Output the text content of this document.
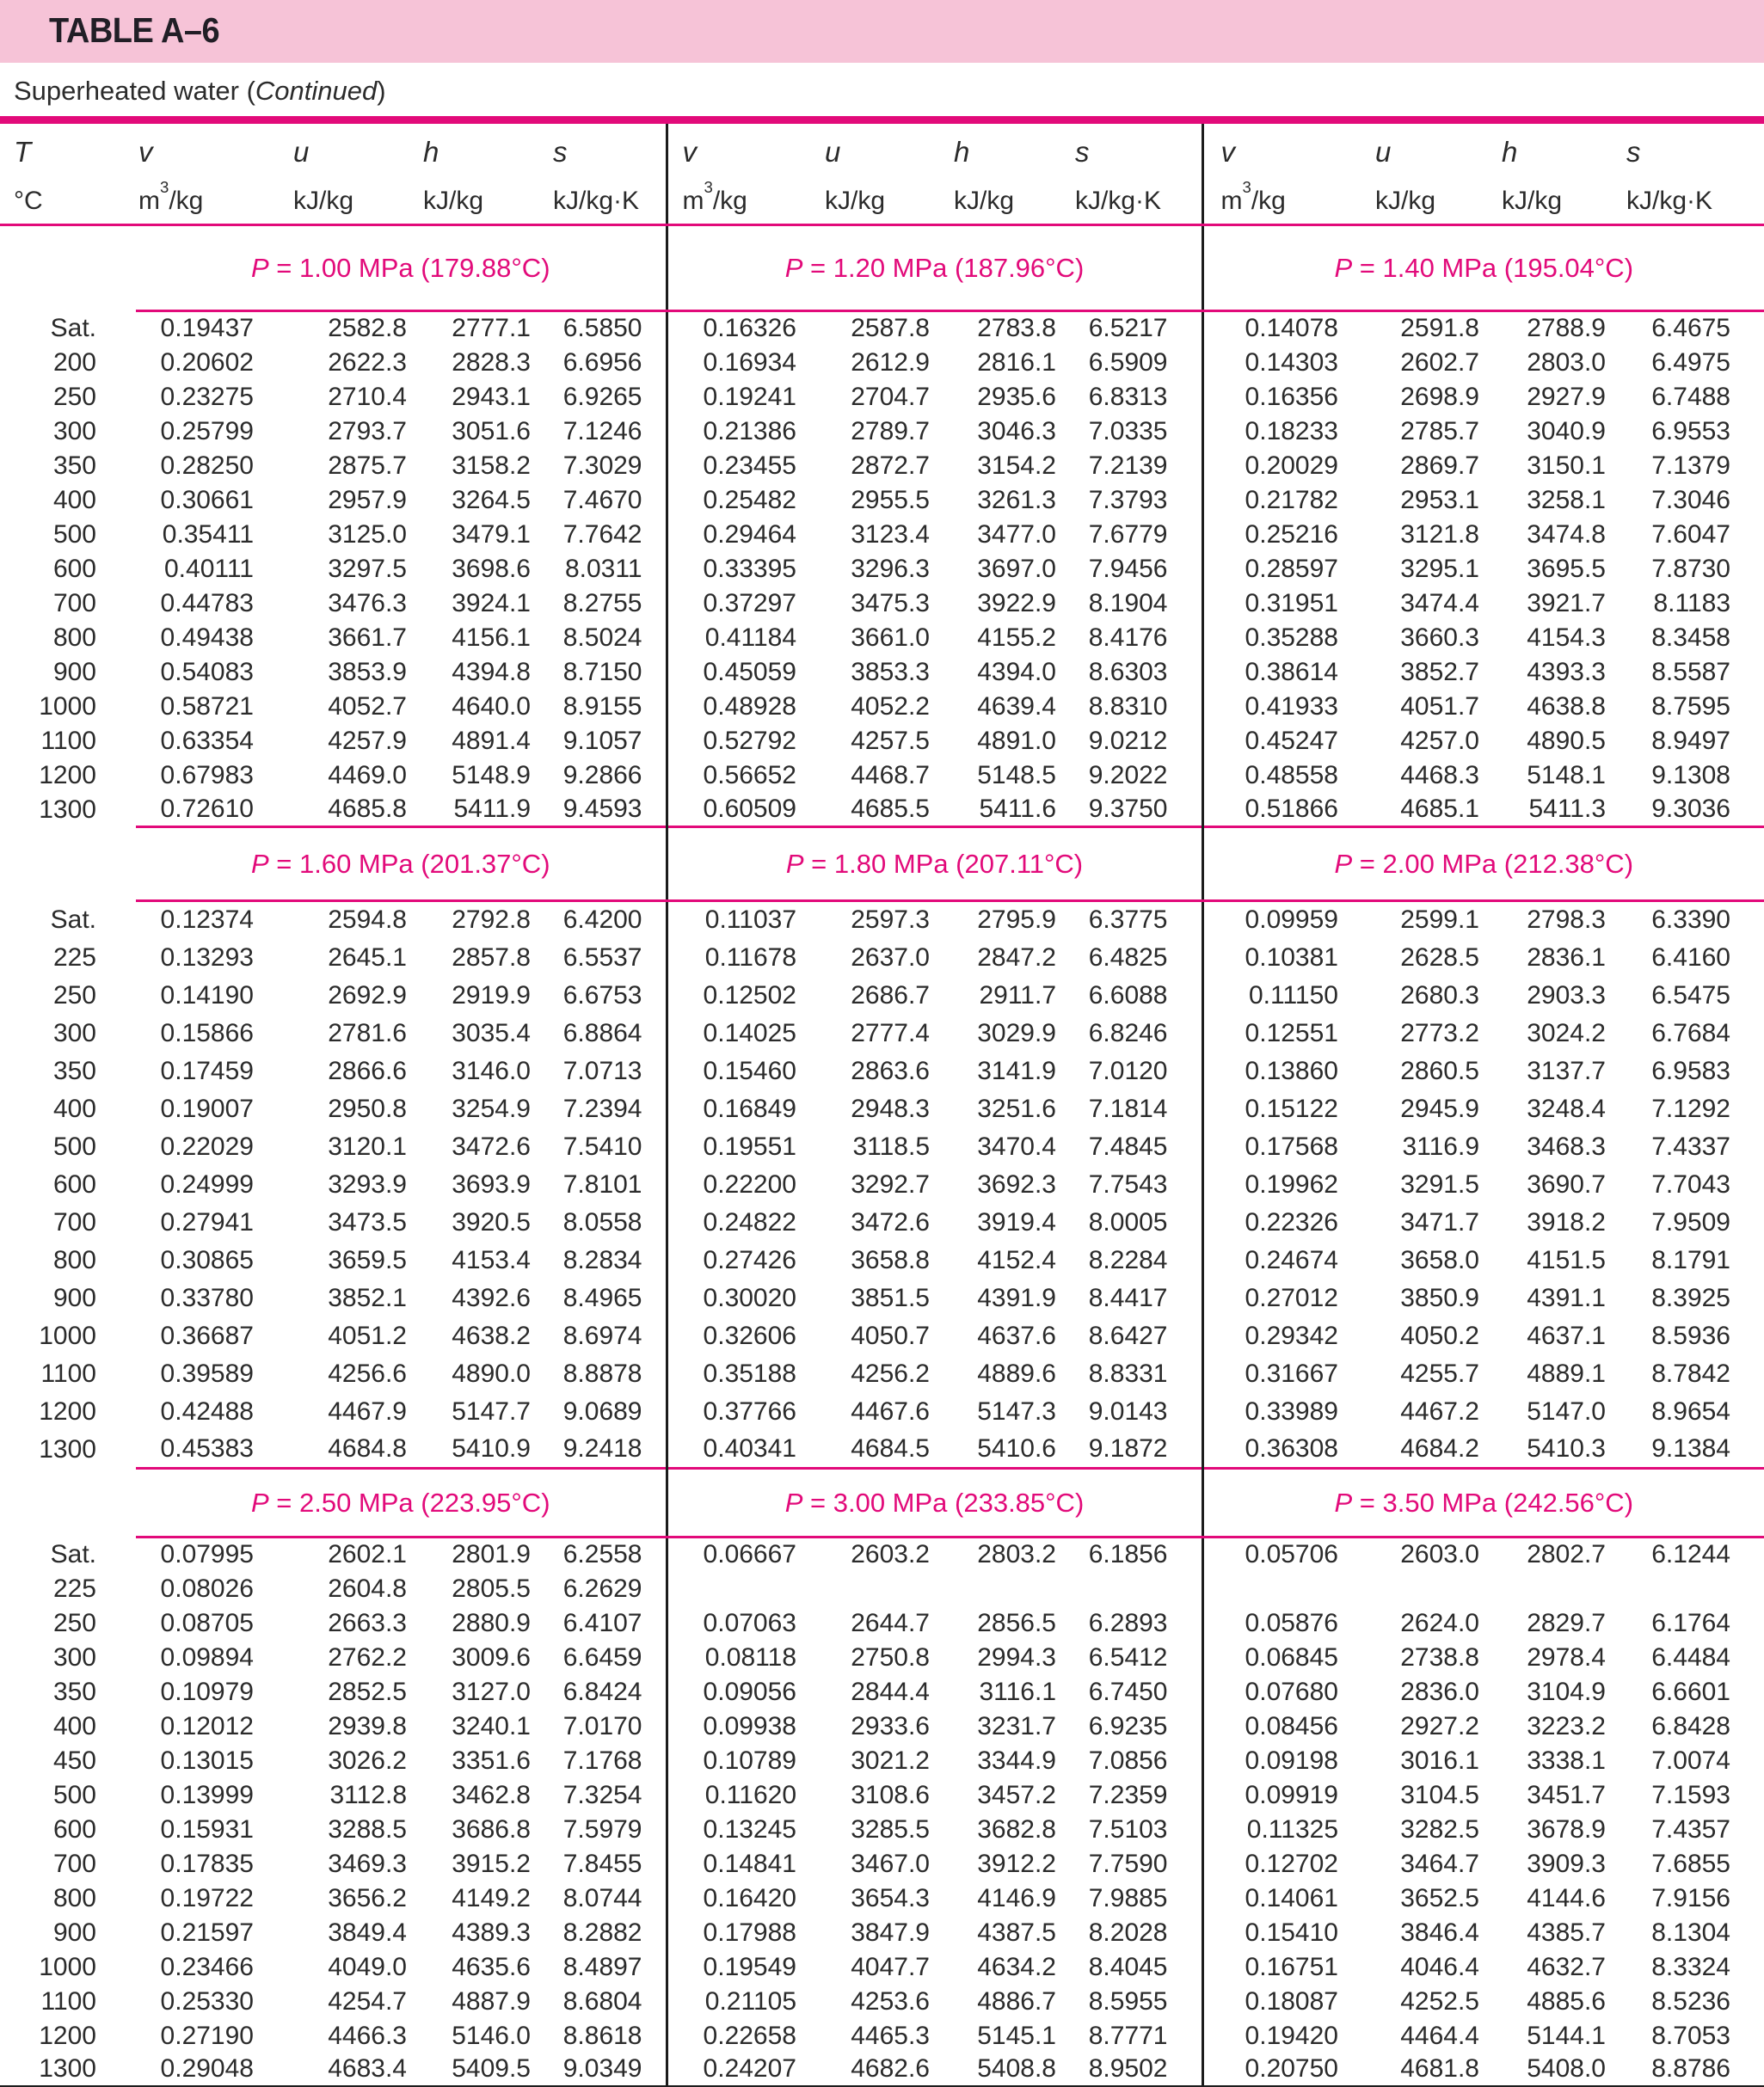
TABLE A–6
Superheated water (Continued)
T	v	u	h	s	v	u	h	s	v	u	h	s
°C	$m^3/kg$	kJ/kg	kJ/kg	kJ/kg·K	$m^3/kg$	kJ/kg	kJ/kg	kJ/kg·K	$m^3/kg$	kJ/kg	kJ/kg	kJ/kg·K
	P = 1.00 MPa (179.88°C)				P = 1.20 MPa (187.96°C)				P = 1.40 MPa (195.04°C)			
Sat.	0.19437	2582.8	2777.1	6.5850	0.16326	2587.8	2783.8	6.5217	0.14078	2591.8	2788.9	6.4675
200	0.20602	2622.3	2828.3	6.6956	0.16934	2612.9	2816.1	6.5909	0.14303	2602.7	2803.0	6.4975
250	0.23275	2710.4	2943.1	6.9265	0.19241	2704.7	2935.6	6.8313	0.16356	2698.9	2927.9	6.7488
300	0.25799	2793.7	3051.6	7.1246	0.21386	2789.7	3046.3	7.0335	0.18233	2785.7	3040.9	6.9553
350	0.28250	2875.7	3158.2	7.3029	0.23455	2872.7	3154.2	7.2139	0.20029	2869.7	3150.1	7.1379
400	0.30661	2957.9	3264.5	7.4670	0.25482	2955.5	3261.3	7.3793	0.21782	2953.1	3258.1	7.3046
500	0.35411	3125.0	3479.1	7.7642	0.29464	3123.4	3477.0	7.6779	0.25216	3121.8	3474.8	7.6047
600	0.40111	3297.5	3698.6	8.0311	0.33395	3296.3	3697.0	7.9456	0.28597	3295.1	3695.5	7.8730
700	0.44783	3476.3	3924.1	8.2755	0.37297	3475.3	3922.9	8.1904	0.31951	3474.4	3921.7	8.1183
800	0.49438	3661.7	4156.1	8.5024	0.41184	3661.0	4155.2	8.4176	0.35288	3660.3	4154.3	8.3458
900	0.54083	3853.9	4394.8	8.7150	0.45059	3853.3	4394.0	8.6303	0.38614	3852.7	4393.3	8.5587
1000	0.58721	4052.7	4640.0	8.9155	0.48928	4052.2	4639.4	8.8310	0.41933	4051.7	4638.8	8.7595
1100	0.63354	4257.9	4891.4	9.1057	0.52792	4257.5	4891.0	9.0212	0.45247	4257.0	4890.5	8.9497
1200	0.67983	4469.0	5148.9	9.2866	0.56652	4468.7	5148.5	9.2022	0.48558	4468.3	5148.1	9.1308
1300	0.72610	4685.8	5411.9	9.4593	0.60509	4685.5	5411.6	9.3750	0.51866	4685.1	5411.3	9.3036
	P = 1.60 MPa (201.37°C)				P = 1.80 MPa (207.11°C)				P = 2.00 MPa (212.38°C)			
Sat.	0.12374	2594.8	2792.8	6.4200	0.11037	2597.3	2795.9	6.3775	0.09959	2599.1	2798.3	6.3390
225	0.13293	2645.1	2857.8	6.5537	0.11678	2637.0	2847.2	6.4825	0.10381	2628.5	2836.1	6.4160
250	0.14190	2692.9	2919.9	6.6753	0.12502	2686.7	2911.7	6.6088	0.11150	2680.3	2903.3	6.5475
300	0.15866	2781.6	3035.4	6.8864	0.14025	2777.4	3029.9	6.8246	0.12551	2773.2	3024.2	6.7684
350	0.17459	2866.6	3146.0	7.0713	0.15460	2863.6	3141.9	7.0120	0.13860	2860.5	3137.7	6.9583
400	0.19007	2950.8	3254.9	7.2394	0.16849	2948.3	3251.6	7.1814	0.15122	2945.9	3248.4	7.1292
500	0.22029	3120.1	3472.6	7.5410	0.19551	3118.5	3470.4	7.4845	0.17568	3116.9	3468.3	7.4337
600	0.24999	3293.9	3693.9	7.8101	0.22200	3292.7	3692.3	7.7543	0.19962	3291.5	3690.7	7.7043
700	0.27941	3473.5	3920.5	8.0558	0.24822	3472.6	3919.4	8.0005	0.22326	3471.7	3918.2	7.9509
800	0.30865	3659.5	4153.4	8.2834	0.27426	3658.8	4152.4	8.2284	0.24674	3658.0	4151.5	8.1791
900	0.33780	3852.1	4392.6	8.4965	0.30020	3851.5	4391.9	8.4417	0.27012	3850.9	4391.1	8.3925
1000	0.36687	4051.2	4638.2	8.6974	0.32606	4050.7	4637.6	8.6427	0.29342	4050.2	4637.1	8.5936
1100	0.39589	4256.6	4890.0	8.8878	0.35188	4256.2	4889.6	8.8331	0.31667	4255.7	4889.1	8.7842
1200	0.42488	4467.9	5147.7	9.0689	0.37766	4467.6	5147.3	9.0143	0.33989	4467.2	5147.0	8.9654
1300	0.45383	4684.8	5410.9	9.2418	0.40341	4684.5	5410.6	9.1872	0.36308	4684.2	5410.3	9.1384
	P = 2.50 MPa (223.95°C)				P = 3.00 MPa (233.85°C)				P = 3.50 MPa (242.56°C)			
Sat.	0.07995	2602.1	2801.9	6.2558	0.06667	2603.2	2803.2	6.1856	0.05706	2603.0	2802.7	6.1244
225	0.08026	2604.8	2805.5	6.2629								
250	0.08705	2663.3	2880.9	6.4107	0.07063	2644.7	2856.5	6.2893	0.05876	2624.0	2829.7	6.1764
300	0.09894	2762.2	3009.6	6.6459	0.08118	2750.8	2994.3	6.5412	0.06845	2738.8	2978.4	6.4484
350	0.10979	2852.5	3127.0	6.8424	0.09056	2844.4	3116.1	6.7450	0.07680	2836.0	3104.9	6.6601
400	0.12012	2939.8	3240.1	7.0170	0.09938	2933.6	3231.7	6.9235	0.08456	2927.2	3223.2	6.8428
450	0.13015	3026.2	3351.6	7.1768	0.10789	3021.2	3344.9	7.0856	0.09198	3016.1	3338.1	7.0074
500	0.13999	3112.8	3462.8	7.3254	0.11620	3108.6	3457.2	7.2359	0.09919	3104.5	3451.7	7.1593
600	0.15931	3288.5	3686.8	7.5979	0.13245	3285.5	3682.8	7.5103	0.11325	3282.5	3678.9	7.4357
700	0.17835	3469.3	3915.2	7.8455	0.14841	3467.0	3912.2	7.7590	0.12702	3464.7	3909.3	7.6855
800	0.19722	3656.2	4149.2	8.0744	0.16420	3654.3	4146.9	7.9885	0.14061	3652.5	4144.6	7.9156
900	0.21597	3849.4	4389.3	8.2882	0.17988	3847.9	4387.5	8.2028	0.15410	3846.4	4385.7	8.1304
1000	0.23466	4049.0	4635.6	8.4897	0.19549	4047.7	4634.2	8.4045	0.16751	4046.4	4632.7	8.3324
1100	0.25330	4254.7	4887.9	8.6804	0.21105	4253.6	4886.7	8.5955	0.18087	4252.5	4885.6	8.5236
1200	0.27190	4466.3	5146.0	8.8618	0.22658	4465.3	5145.1	8.7771	0.19420	4464.4	5144.1	8.7053
1300	0.29048	4683.4	5409.5	9.0349	0.24207	4682.6	5408.8	8.9502	0.20750	4681.8	5408.0	8.8786
